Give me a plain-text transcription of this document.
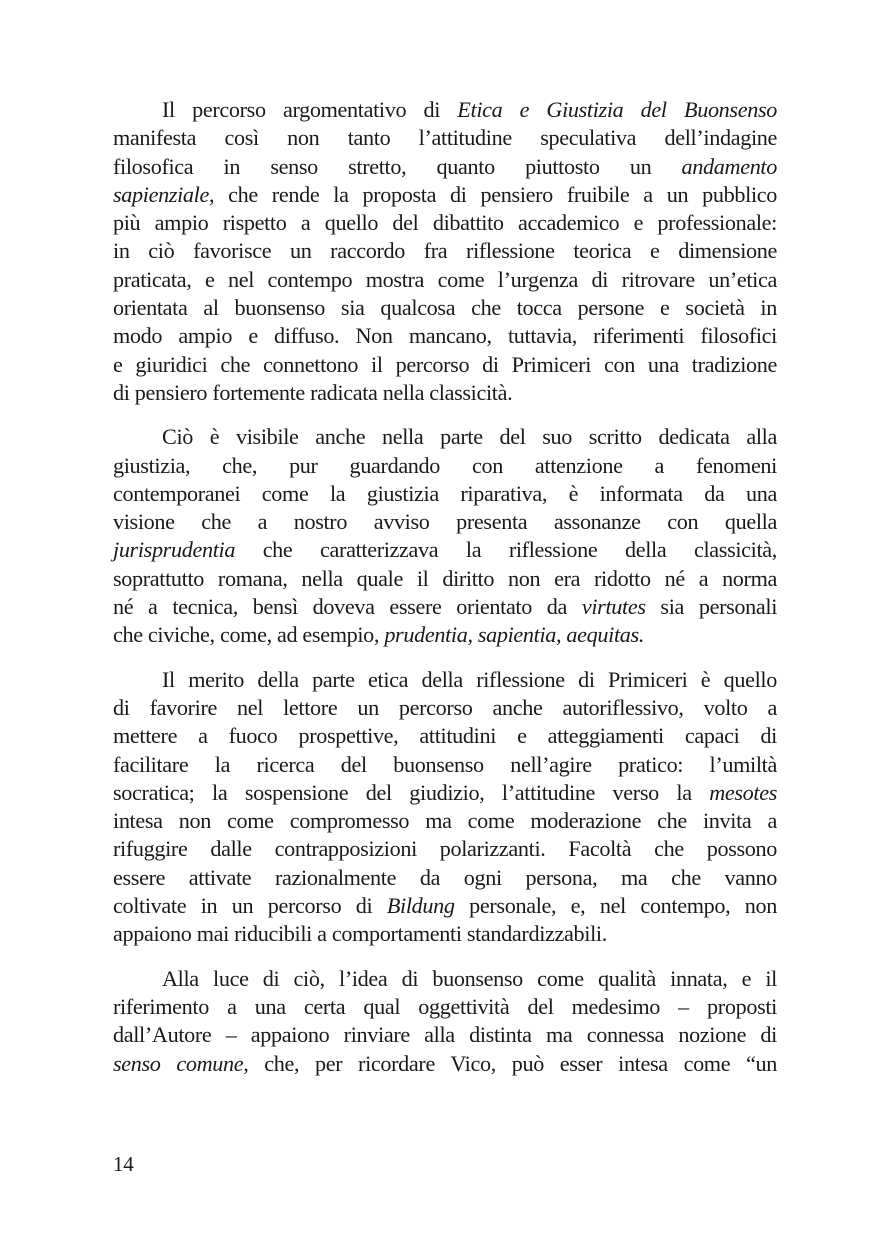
Il percorso argomentativo di Etica e Giustizia del Buonsenso
manifesta così non tanto l’attitudine speculativa dell’indagine
filosofica in senso stretto, quanto piuttosto un andamento
sapienziale, che rende la proposta di pensiero fruibile a un pubblico
più ampio rispetto a quello del dibattito accademico e professionale:
in ciò favorisce un raccordo fra riflessione teorica e dimensione
praticata, e nel contempo mostra come l’urgenza di ritrovare un’etica
orientata al buonsenso sia qualcosa che tocca persone e società in
modo ampio e diffuso. Non mancano, tuttavia, riferimenti filosofici
e giuridici che connettono il percorso di Primiceri con una tradizione
di pensiero fortemente radicata nella classicità.
Ciò è visibile anche nella parte del suo scritto dedicata alla
giustizia, che, pur guardando con attenzione a fenomeni
contemporanei come la giustizia riparativa, è informata da una
visione che a nostro avviso presenta assonanze con quella
jurisprudentia che caratterizzava la riflessione della classicità,
soprattutto romana, nella quale il diritto non era ridotto né a norma
né a tecnica, bensì doveva essere orientato da virtutes sia personali
che civiche, come, ad esempio, prudentia, sapientia, aequitas.
Il merito della parte etica della riflessione di Primiceri è quello
di favorire nel lettore un percorso anche autoriflessivo, volto a
mettere a fuoco prospettive, attitudini e atteggiamenti capaci di
facilitare la ricerca del buonsenso nell’agire pratico: l’umiltà
socratica; la sospensione del giudizio, l’attitudine verso la mesotes
intesa non come compromesso ma come moderazione che invita a
rifuggire dalle contrapposizioni polarizzanti. Facoltà che possono
essere attivate razionalmente da ogni persona, ma che vanno
coltivate in un percorso di Bildung personale, e, nel contempo, non
appaiono mai riducibili a comportamenti standardizzabili.
Alla luce di ciò, l’idea di buonsenso come qualità innata, e il
riferimento a una certa qual oggettività del medesimo – proposti
dall’Autore – appaiono rinviare alla distinta ma connessa nozione di
senso comune, che, per ricordare Vico, può esser intesa come “un
14
